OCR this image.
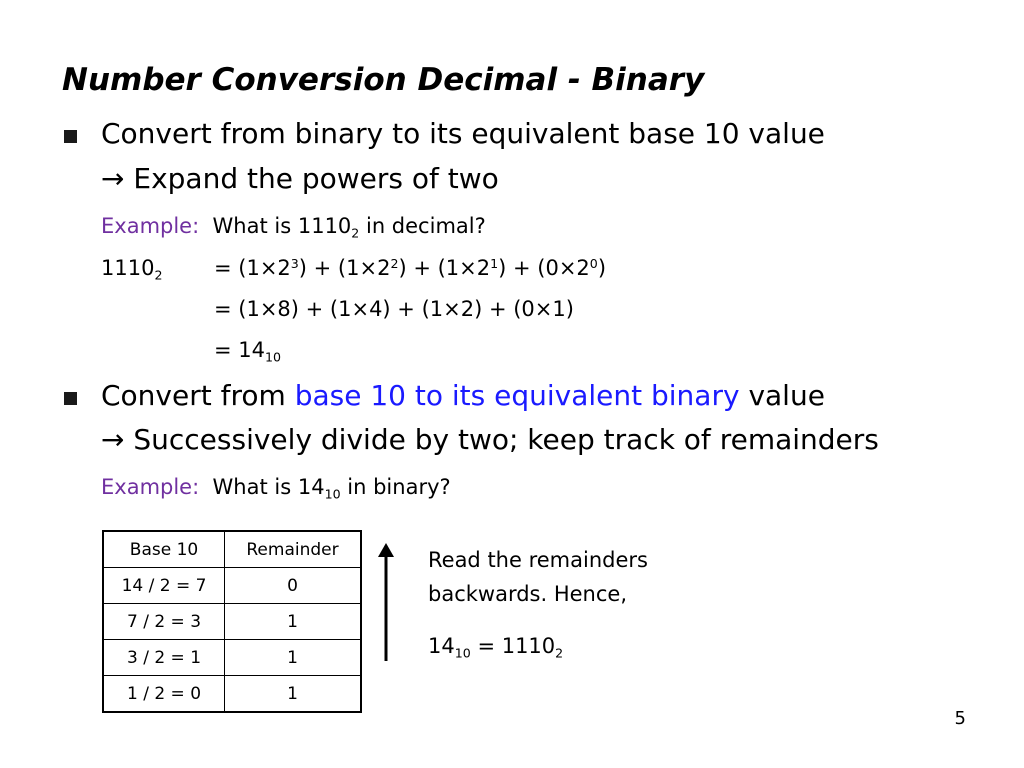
Number Conversion Decimal - Binary
Convert from binary to its equivalent base 10 value
→ Expand the powers of two
Example: What is $1110_2$ in decimal?
$1110_2 = (1\times 2^3) + (1\times 2^2) + (1\times 2^1) + (0\times 2^0)$
= (1×8) + (1×4) + (1×2) + (0×1)
= $14_{10}$
Convert from base 10 to its equivalent binary value
→ Successively divide by two; keep track of remainders
Example: What is $14_{10}$ in binary?
Base 10	Remainder
14 / 2 = 7	0
7 / 2 = 3	1
3 / 2 = 1	1
1 / 2 = 0	1
Read the remainders
backwards. Hence,
$14_{10} = 1110_2$
5
